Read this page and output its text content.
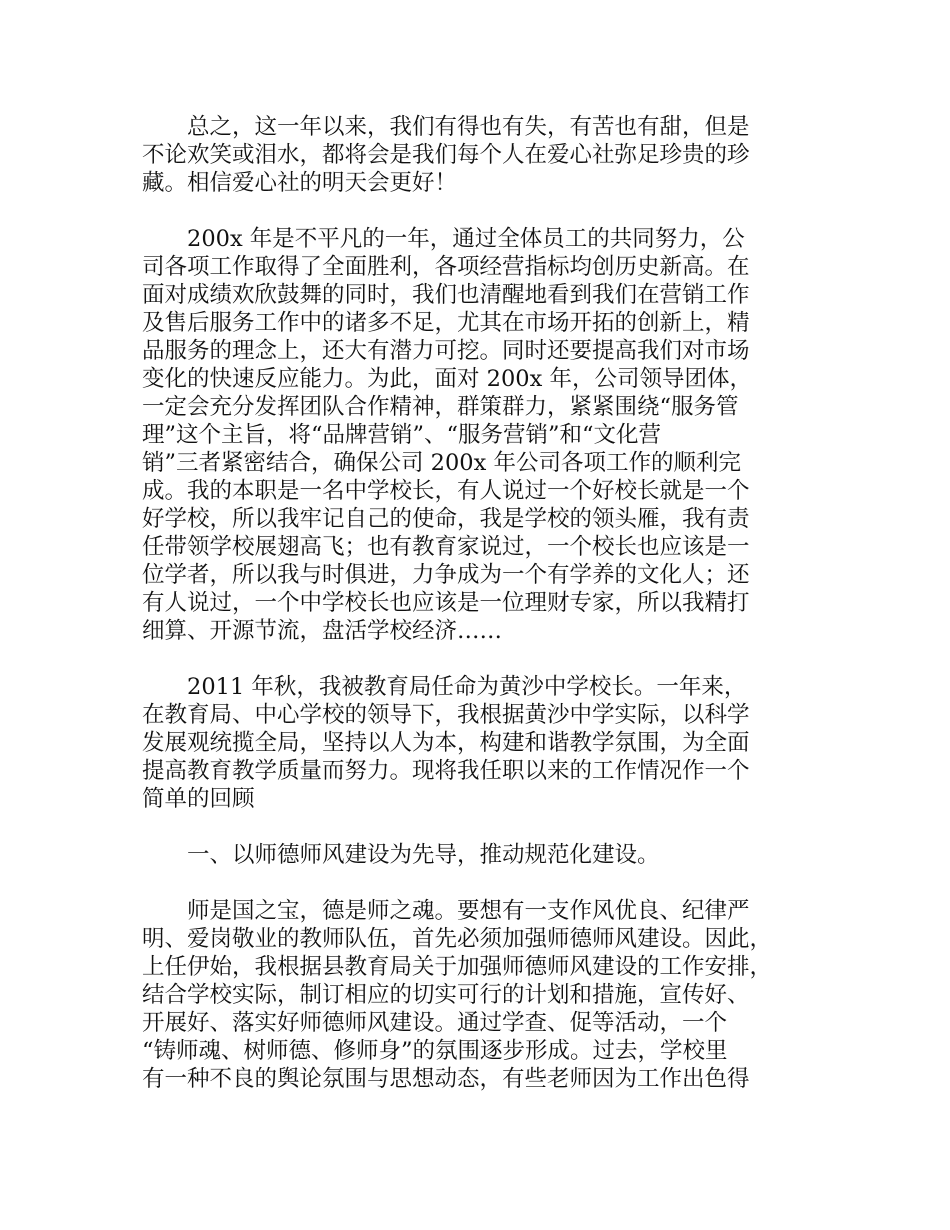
　　总之，这一年以来，我们有得也有失，有苦也有甜，但是
不论欢笑或泪水，都将会是我们每个人在爱心社弥足珍贵的珍
藏。相信爱心社的明天会更好！
　　200x 年是不平凡的一年，通过全体员工的共同努力，公
司各项工作取得了全面胜利，各项经营指标均创历史新高。在
面对成绩欢欣鼓舞的同时，我们也清醒地看到我们在营销工作
及售后服务工作中的诸多不足，尤其在市场开拓的创新上，精
品服务的理念上，还大有潜力可挖。同时还要提高我们对市场
变化的快速反应能力。为此，面对 200x 年，公司领导团体，
一定会充分发挥团队合作精神，群策群力，紧紧围绕“服务管
理”这个主旨，将“品牌营销”、“服务营销”和“文化营
销”三者紧密结合，确保公司 200x 年公司各项工作的顺利完
成。我的本职是一名中学校长，有人说过一个好校长就是一个
好学校，所以我牢记自己的使命，我是学校的领头雁，我有责
任带领学校展翅高飞；也有教育家说过，一个校长也应该是一
位学者，所以我与时俱进，力争成为一个有学养的文化人；还
有人说过，一个中学校长也应该是一位理财专家，所以我精打
细算、开源节流，盘活学校经济……
　　2011 年秋，我被教育局任命为黄沙中学校长。一年来，
在教育局、中心学校的领导下，我根据黄沙中学实际，以科学
发展观统揽全局，坚持以人为本，构建和谐教学氛围，为全面
提高教育教学质量而努力。现将我任职以来的工作情况作一个
简单的回顾
　　一、以师德师风建设为先导，推动规范化建设。
　　师是国之宝，德是师之魂。要想有一支作风优良、纪律严
明、爱岗敬业的教师队伍，首先必须加强师德师风建设。因此，
上任伊始，我根据县教育局关于加强师德师风建设的工作安排，
结合学校实际，制订相应的切实可行的计划和措施，宣传好、
开展好、落实好师德师风建设。通过学查、促等活动，一个
“铸师魂、树师德、修师身”的氛围逐步形成。过去，学校里
有一种不良的舆论氛围与思想动态，有些老师因为工作出色得
